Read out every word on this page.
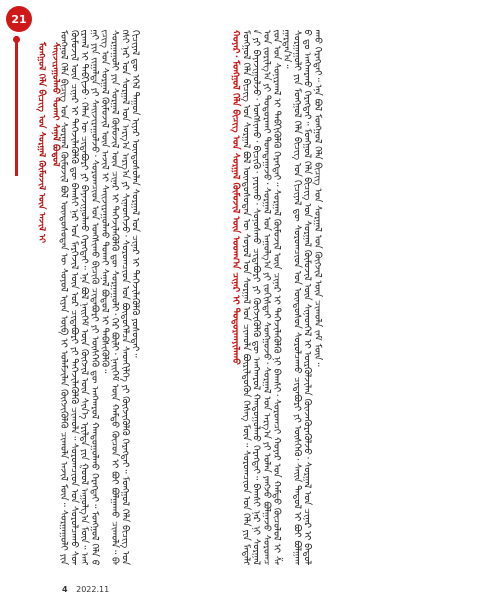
21
ᠮᠣᠩᠭᠣᠯ ᠬᠡᠯᠡ ᠪᠢᠴᠢᠭ ᠤᠨ ᠰᠤᠷᠭᠠᠯ ᠬᠦᠮᠦᠵᠢᠯ ᠦᠨ ᠠᠵᠢᠯ ᠢ ᠰᠠᠢᠵᠢᠷᠠᠭᠤᠯᠬᠤ ᠲᠤᠬᠠᠢ ᠰᠠᠨᠠᠯ ᠪᠣᠳᠤᠯ

ᠮᠣᠩᠭᠣᠯ ᠬᠡᠯᠡ ᠪᠢᠴᠢᠭ ᠤᠨ ᠰᠤᠷᠭᠠᠯ ᠬᠦᠮᠦᠵᠢᠯ ᠪᠣᠯ ᠦᠨᠳᠦᠰᠦᠲᠡᠨ ᠦ ᠰᠣᠶᠣᠯ ᠢᠶᠠᠨ ᠥᠪ ᠢ ᠤᠯᠠᠮᠵᠢᠯᠠᠨ ᠬᠥᠭᠵᠢᠭᠦᠯᠬᠦ ᠴᠢᠬᠤᠯᠠ ᠠᠵᠢᠯ ᠮᠥᠨ᠃ ᠰᠤᠷᠭᠠᠭᠤᠯᠢ ᠶᠢᠨ ᠬᠦᠮᠦᠵᠢᠯ ᠦᠨ ᠴᠢᠨᠠᠷ ᠢ ᠳᠡᠭᠡᠵᠢᠯᠡᠭᠦᠯᠬᠦ ᠳᠦ ᠪᠠᠭᠰᠢ ᠨᠠᠷ ᠤᠨ ᠮᠡᠷᠭᠡᠵᠢᠯ ᠦᠨ ᠤᠷ ᠴᠢᠳᠠᠪᠤᠷᠢ ᠶᠢ ᠳᠡᠭᠡᠵᠢᠯᠡᠭᠦᠯᠬᠦ ᠴᠢᠬᠤᠯᠠ᠃ ᠰᠤᠷᠤᠭᠴᠢᠳ ᠤᠨ ᠰᠤᠷᠤᠯᠴᠠᠬᠤ ᠰᠣᠨᠢᠷᠬᠠᠯ ᠢ ᠳᠡᠪᠬᠢᠵᠦ᠂ ᠬᠡᠯᠡᠨ ᠦ ᠴᠢᠳᠠᠪᠤᠷᠢ ᠶᠢ ᠪᠠᠶᠠᠵᠢᠭᠤᠯᠬᠤ ᠬᠡᠷᠡᠭᠲᠡᠢ᠃ ᠡᠨᠡ ᠪᠣᠯ ᠨᠡᠢᠭᠡᠮ ᠦᠨ ᠬᠥᠭᠵᠢᠯ ᠦᠨ ᠰᠢᠨ᠎ᠡ ᠡᠷᠢᠯᠲᠡ ᠶᠢᠨ ᠭᠣᠣᠯ ᠠᠭᠤᠯᠭ᠎ᠠ ᠮᠥᠨ᠃ ᠠᠩᠭ᠋ᠢ ᠶᠢᠨ ᠵᠢᠭᠠᠯᠲᠠ ᠶᠢ ᠰᠠᠢᠵᠢᠷᠠᠭᠤᠯᠵᠤ᠂ ᠰᠤᠷᠤᠭᠴᠢᠳ ᠤᠨ ᠤᠩᠰᠢᠬᠤ ᠪᠢᠴᠢᠬᠦ ᠴᠢᠳᠠᠪᠤᠷᠢ ᠶᠢ ᠥᠰᠬᠡᠬᠦ ᠳᠦ ᠠᠩᠬᠠᠷᠤᠯ ᠬᠠᠨᠳᠤᠭᠤᠯᠬᠤ ᠬᠡᠷᠡᠭᠲᠡᠢ᠃ ᠮᠣᠩᠭᠣᠯ ᠬᠡᠯᠡ ᠪᠢᠴᠢᠭ ᠤᠨ ᠰᠤᠷᠭᠠᠯ ᠬᠦᠮᠦᠵᠢᠯ ᠦᠨ ᠠᠵᠢᠯ ᠢ ᠰᠠᠢᠵᠢᠷᠠᠭᠤᠯᠬᠤ ᠲᠤᠬᠠᠢ ᠰᠠᠨᠠᠯ ᠪᠣᠳᠤᠯ ᠢ ᠳᠡᠪᠰᠢᠭᠦᠯᠬᠦ᠃ ᠰᠤᠷᠭᠠᠭᠤᠯᠢ ᠶᠢᠨ ᠰᠤᠷᠭᠠᠯ ᠬᠦᠮᠦᠵᠢᠯ ᠦᠨ ᠴᠢᠨᠠᠷ ᠢ ᠳᠡᠭᠡᠵᠢᠯᠡᠭᠦᠯᠬᠦ ᠳᠦ ᠰᠤᠷᠭᠠᠭᠤᠯᠢ᠂ ᠭᠡᠷ ᠪᠦᠯᠢ᠂ ᠨᠡᠢᠭᠡᠮ ᠦᠨ ᠬᠠᠮᠲᠤ ᠬᠦᠴᠦᠨ ᠢ ᠪᠤᠢ ᠪᠣᠯᠭᠠᠬᠤ ᠴᠢᠬᠤᠯᠠ᠃ ᠪᠠᠭᠰᠢ ᠨᠠᠷ ᠤᠨ ᠰᠤᠷᠭᠠᠯ ᠤᠨ ᠠᠷᠭ᠎ᠠ ᠠᠷᠭ᠎ᠠ ᠶᠢ ᠰᠢᠨᠡᠳᠬᠡᠵᠦ᠂ ᠰᠤᠷᠤᠭᠴᠢᠳ ᠤᠨ ᠪᠦᠲᠦᠭᠡᠯᠴᠡ ᠰᠡᠳᠬᠢᠯᠭᠡ ᠶᠢ ᠬᠥᠭᠵᠢᠭᠦᠯᠬᠦ ᠬᠡᠷᠡᠭᠲᠡᠢ᠃ ᠮᠣᠩᠭᠣᠯ ᠬᠡᠯᠡ ᠪᠢᠴᠢᠭ ᠤᠨ ᠬᠢᠴᠢᠶᠡᠯ ᠳᠦ ᠡᠭᠡᠯ ᠳᠠᠭᠤᠨ ᠢᠶᠠᠷ ᠦᠨᠳᠦᠰᠦᠯᠡᠨ ᠰᠤᠷᠭᠠᠯ ᠤᠨ ᠴᠢᠨᠠᠷ ᠢ ᠳᠡᠭᠡᠵᠢᠯᠡᠭᠦᠯᠬᠦ ᠶᠣᠰᠣᠲᠠᠢ᠃	ᠬᠣᠶᠠᠷ᠂ ᠮᠣᠩᠭᠣᠯ ᠬᠡᠯᠡ ᠪᠢᠴᠢᠭ ᠤᠨ ᠰᠤᠷᠭᠠᠯ ᠬᠦᠮᠦᠵᠢᠯ ᠦᠨ ᠤᠳᠬ᠎ᠠ ᠴᠢᠨᠠᠷ ᠢ ᠲᠣᠳᠤᠷᠬᠠᠶᠢᠯᠠᠬᠤ ᠮᠣᠩᠭᠣᠯ ᠬᠡᠯᠡ ᠪᠢᠴᠢᠭ ᠤᠨ ᠰᠤᠷᠭᠠᠯ ᠪᠣᠯ ᠦᠨᠳᠦᠰᠦᠲᠡᠨ ᠦ ᠰᠣᠶᠣᠯ ᠤᠨ ᠰᠤᠷᠭᠠᠯ ᠤᠨ ᠴᠢᠬᠤᠯᠠ ᠪᠦᠷᠢᠯᠳᠦᠬᠦᠨ ᠬᠡᠰᠡᠭ ᠮᠥᠨ᠃ ᠰᠤᠷᠤᠭᠴᠢᠳ ᠤᠨ ᠬᠡᠯᠡ ᠶᠢᠨ ᠮᠡᠳᠡᠯᠭᠡ ᠶᠢ ᠪᠠᠶᠠᠵᠢᠭᠤᠯᠵᠤ᠂ ᠤᠩᠰᠢᠬᠤ᠂ ᠪᠢᠴᠢᠬᠦ᠂ ᠶᠠᠷᠢᠬᠤ᠂ ᠰᠣᠨᠣᠰᠬᠤ ᠴᠢᠳᠠᠪᠤᠷᠢ ᠶᠢ ᠬᠥᠭᠵᠢᠭᠦᠯᠬᠦ ᠳᠦ ᠠᠩᠬᠠᠷᠤᠯ ᠬᠠᠨᠳᠤᠭᠤᠯᠬᠤ ᠬᠡᠷᠡᠭᠲᠡᠢ᠃ ᠪᠠᠭᠰᠢ ᠨᠠᠷ ᠨᠢ ᠰᠤᠷᠭᠠᠯ ᠤᠨ ᠵᠣᠷᠢᠯᠭ᠎ᠠ ᠶᠢ ᠲᠣᠳᠤᠷᠬᠠᠢ ᠲᠣᠭᠲᠠᠭᠠᠵᠤ᠂ ᠰᠤᠷᠭᠠᠯ ᠤᠨ ᠠᠭᠤᠯᠭ᠎ᠠ ᠶᠢ ᠵᠣᠬᠢᠰᠲᠠᠢ ᠰᠣᠩᠭᠣᠵᠤ᠂ ᠰᠤᠷᠭᠠᠯ ᠤᠨ ᠠᠷᠭ᠎ᠠ ᠶᠢ ᠣᠯᠠᠨ ᠶᠠᠩᠵᠤ ᠪᠣᠯᠭᠠᠵᠤ ᠰᠤᠷᠤᠭᠴᠢᠳ ᠤᠨ ᠰᠣᠨᠢᠷᠬᠠᠯ ᠢ ᠳᠡᠪᠬᠢᠭᠦᠯᠬᠦ ᠬᠡᠷᠡᠭᠲᠡᠢ᠃ ᠰᠤᠷᠭᠠᠯ ᠬᠦᠮᠦᠵᠢᠯ ᠦᠨ ᠴᠢᠨᠠᠷ ᠢ ᠳᠡᠭᠡᠵᠢᠯᠡᠭᠦᠯᠬᠦ ᠨᠢ ᠪᠠᠭᠰᠢ᠂ ᠰᠤᠷᠤᠭᠴᠢ ᠬᠣᠶᠠᠷ ᠤᠨ ᠬᠠᠮᠲᠤ ᠬᠦᠴᠦᠯᠦᠯ ᠢ ᠱᠠᠭᠠᠷᠳᠠᠨ᠎ᠠ᠃ ᠰᠤᠷᠭᠠᠭᠤᠯᠢ ᠶᠢᠨ ᠮᠣᠩᠭᠣᠯ ᠬᠡᠯᠡ ᠪᠢᠴᠢᠭ ᠤᠨ ᠬᠢᠴᠢᠶᠡᠯ ᠳᠦ ᠰᠤᠷᠤᠭᠴᠢᠳ ᠤᠨ ᠦᠨᠳᠦᠰᠦᠨ ᠰᠤᠷᠤᠯᠴᠠᠬᠤ ᠴᠢᠳᠠᠪᠤᠷᠢ ᠶᠢ ᠥᠰᠬᠡᠬᠦ᠂ ᠰᠠᠢᠨ ᠳᠠᠳᠤᠯ ᠢ ᠪᠤᠢ ᠪᠣᠯᠭᠠᠬᠤ ᠳᠤ ᠠᠩᠬᠠᠷᠬᠤ ᠬᠡᠷᠡᠭᠲᠡᠢ᠃ ᠮᠣᠩᠭᠣᠯ ᠬᠡᠯᠡ ᠪᠢᠴᠢᠭ ᠤᠨ ᠰᠤᠷᠭᠠᠯ ᠬᠦᠮᠦᠵᠢᠯ ᠦᠨ ᠰᠢᠨᠡᠳᠬᠡᠯ ᠢ ᠦᠷᠬᠦᠯᠵᠢᠯᠡᠨ ᠭᠦᠨᠵᠡᠭᠦᠷᠡᠭᠦᠯᠵᠦ᠂ ᠰᠤᠷᠭᠠᠯ ᠤᠨ ᠴᠢᠨᠠᠷ ᠢ ᠪᠠᠲᠤᠯᠠᠬᠤ ᠬᠡᠷᠡᠭᠲᠡᠢ᠃ ᠡᠨᠡ ᠪᠣᠯ ᠮᠣᠩᠭᠣᠯ ᠬᠡᠯᠡ ᠪᠢᠴᠢᠭ ᠤᠨ ᠰᠤᠷᠭᠠᠯ ᠤᠨ ᠬᠥᠭᠵᠢᠯ ᠦᠨ ᠴᠢᠬᠤᠯᠠ ᠵᠠᠮ ᠮᠥᠨ᠃

4 2022.11
